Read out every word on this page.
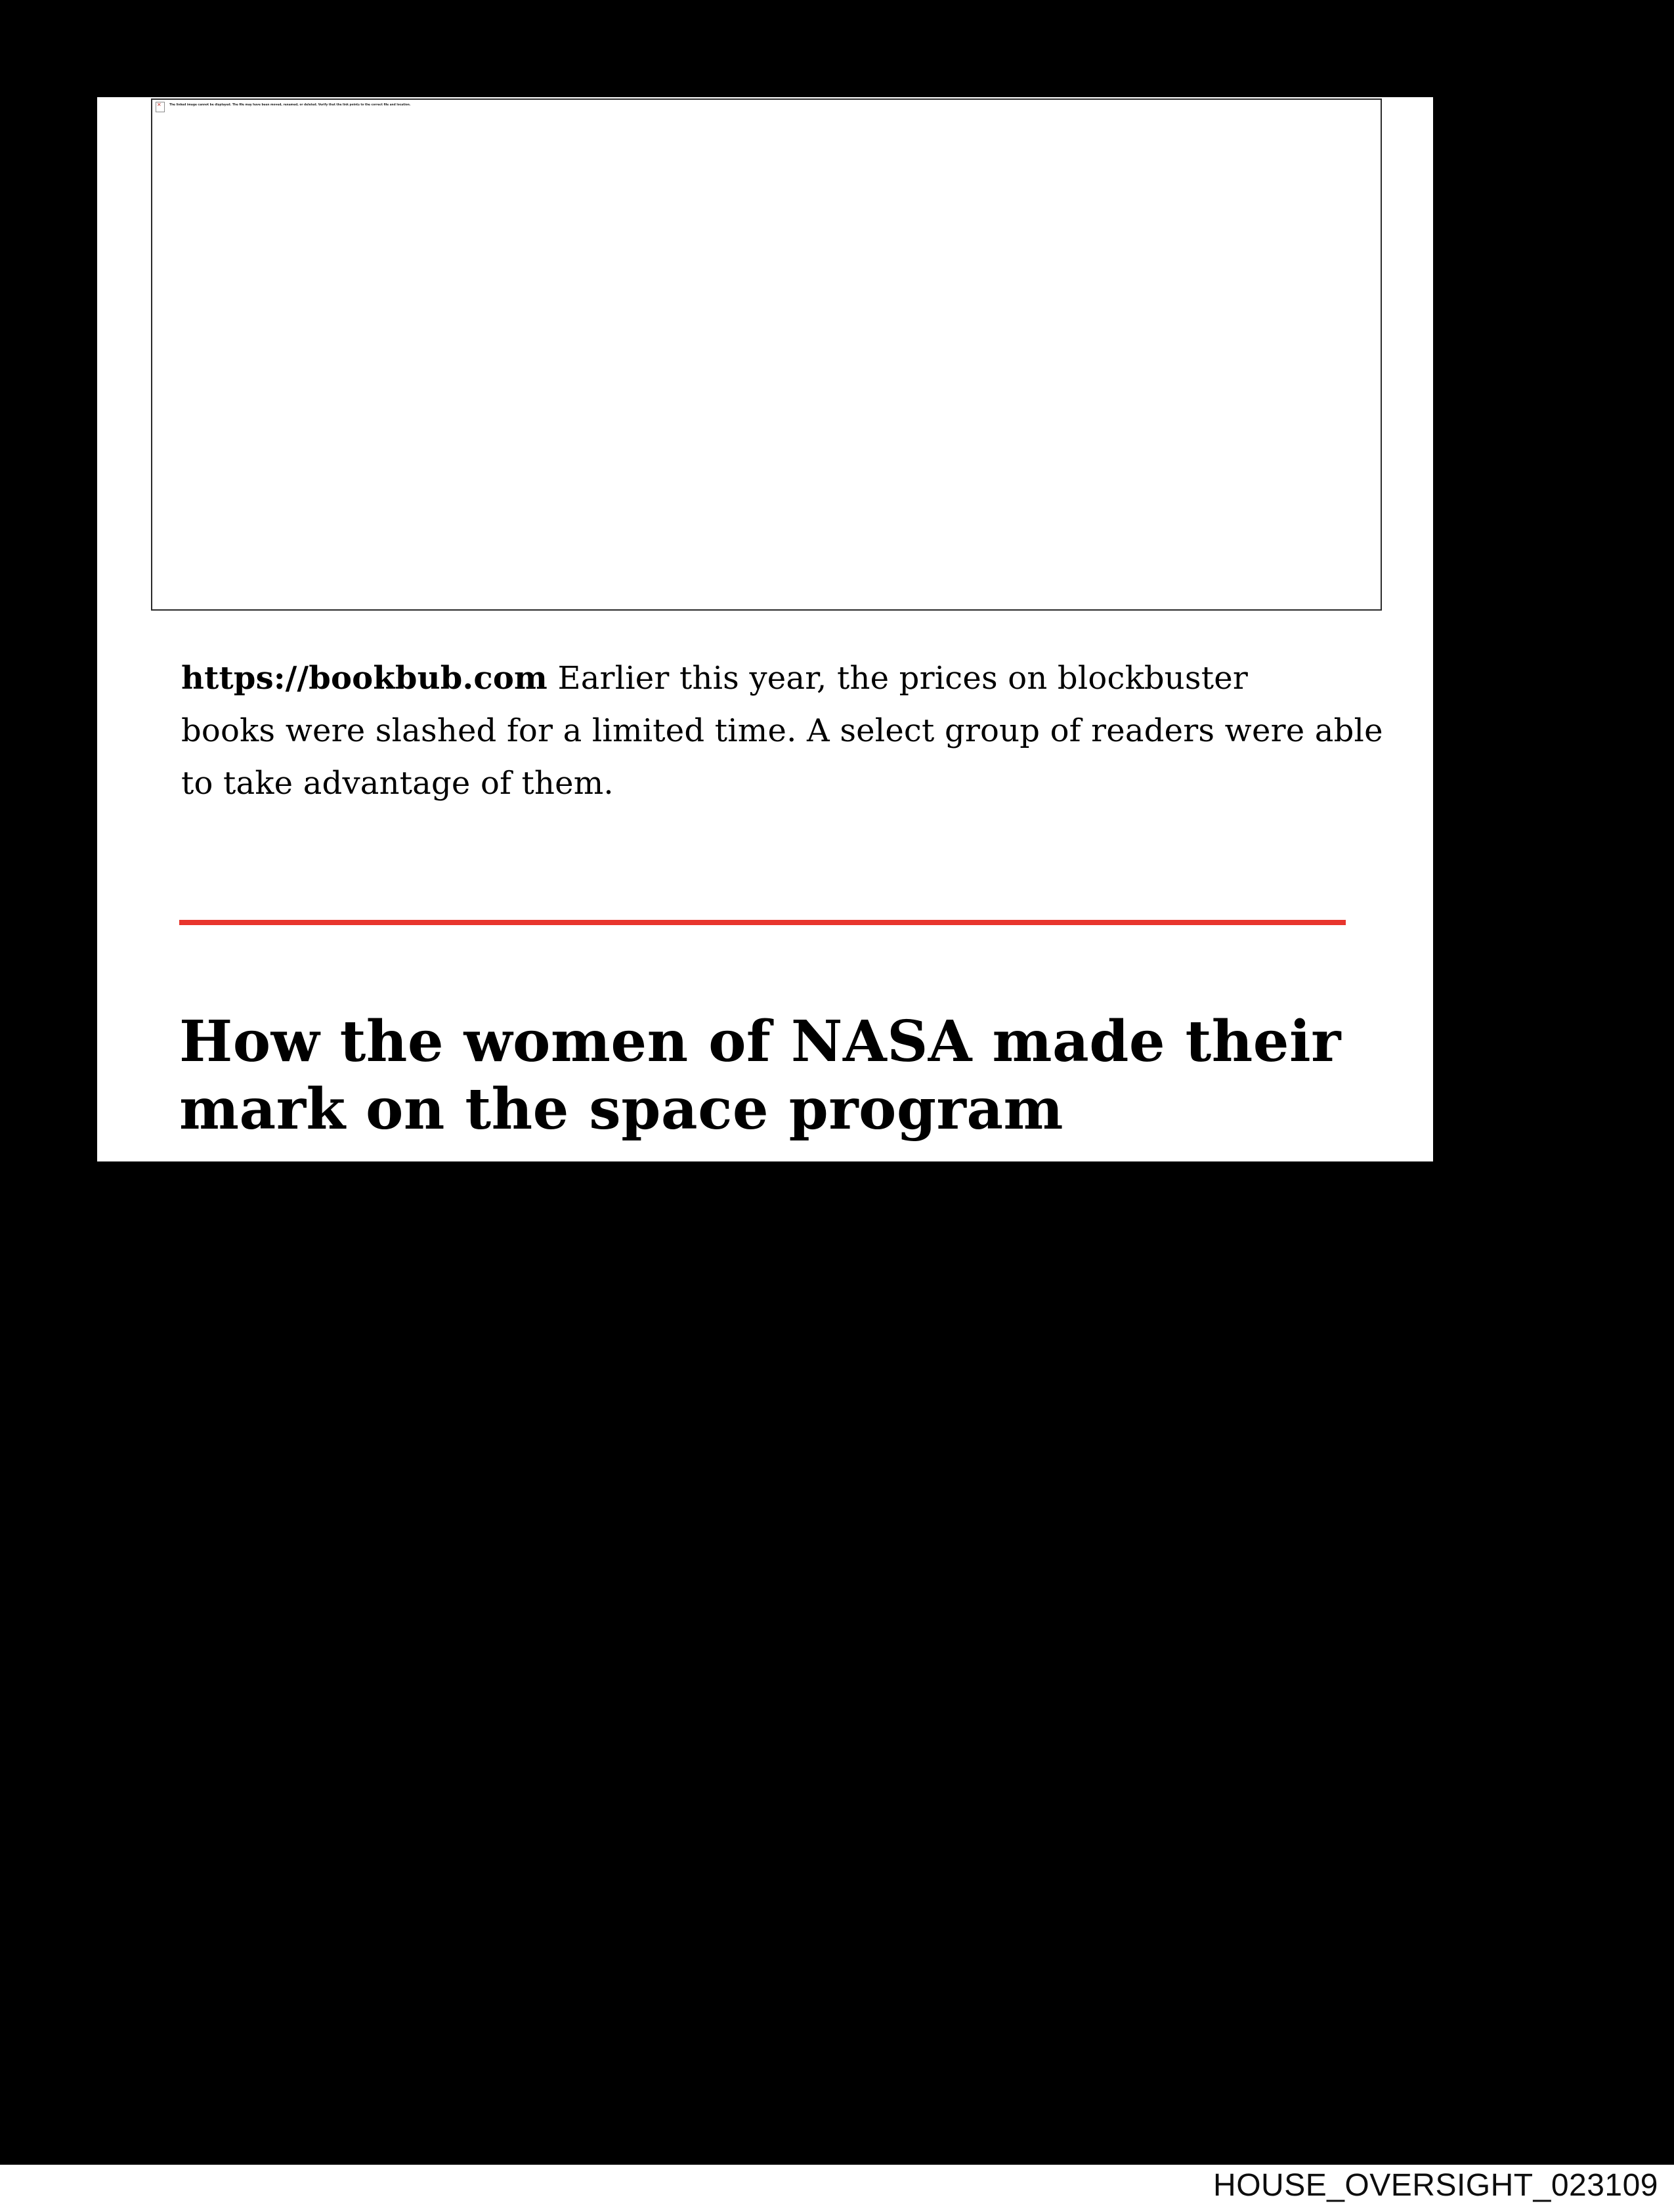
✕ The linked image cannot be displayed. The file may have been moved, renamed, or deleted. Verify that the link points to the correct file and location.
https://bookbub.com Earlier this year, the prices on blockbuster
books were slashed for a limited time. A select group of readers were able
to take advantage of them.
How the women of NASA made their
mark on the space program
HOUSE_OVERSIGHT_023109
